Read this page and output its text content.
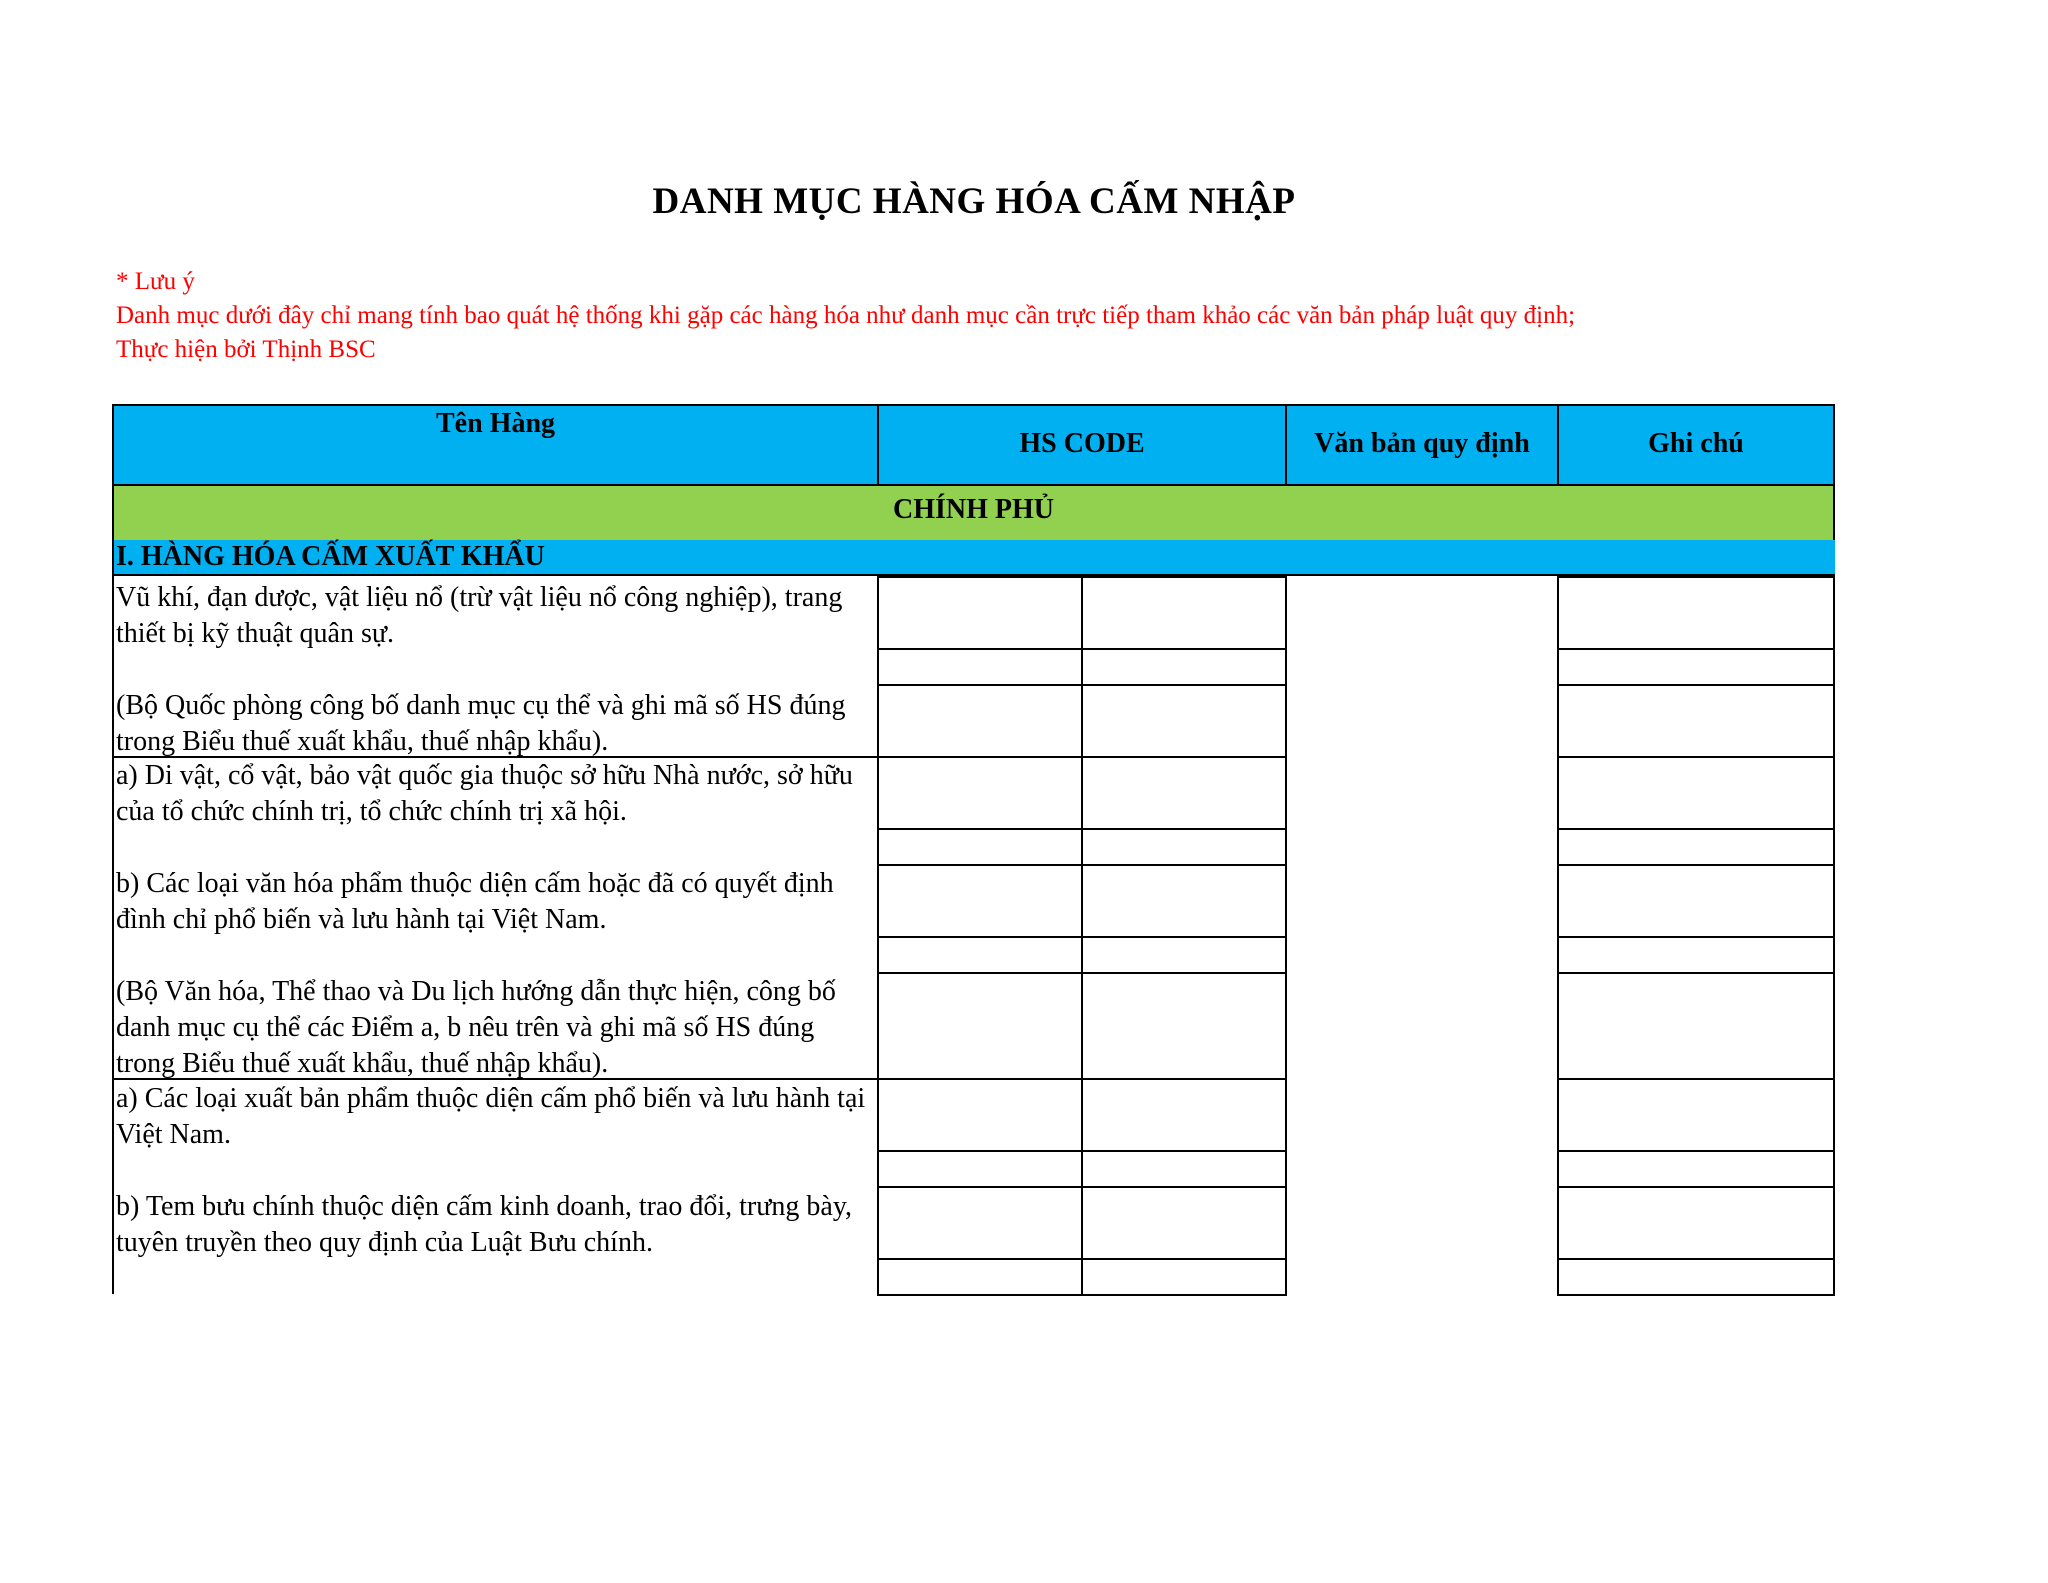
DANH MỤC HÀNG HÓA CẤM NHẬP
* Lưu ý
Danh mục dưới đây chỉ mang tính bao quát hệ thống khi gặp các hàng hóa như danh mục cần trực tiếp tham khảo các văn bản pháp luật quy định;
Thực hiện bởi Thịnh BSC
Tên Hàng
HS CODE	Văn bản quy định	Ghi chú
CHÍNH PHỦ
I. HÀNG HÓA CẤM XUẤT KHẨU
Vũ khí, đạn dược, vật liệu nổ (trừ vật liệu nổ công nghiệp), trang thiết bị kỹ thuật quân sự.

(Bộ Quốc phòng công bố danh mục cụ thể và ghi mã số HS đúng trong Biểu thuế xuất khẩu, thuế nhập khẩu).
a) Di vật, cổ vật, bảo vật quốc gia thuộc sở hữu Nhà nước, sở hữu của tổ chức chính trị, tổ chức chính trị xã hội.

b) Các loại văn hóa phẩm thuộc diện cấm hoặc đã có quyết định đình chỉ phổ biến và lưu hành tại Việt Nam.

(Bộ Văn hóa, Thể thao và Du lịch hướng dẫn thực hiện, công bố danh mục cụ thể các Điểm a, b nêu trên và ghi mã số HS đúng trong Biểu thuế xuất khẩu, thuế nhập khẩu).
a) Các loại xuất bản phẩm thuộc diện cấm phổ biến và lưu hành tại Việt Nam.

b) Tem bưu chính thuộc diện cấm kinh doanh, trao đổi, trưng bày, tuyên truyền theo quy định của Luật Bưu chính.
